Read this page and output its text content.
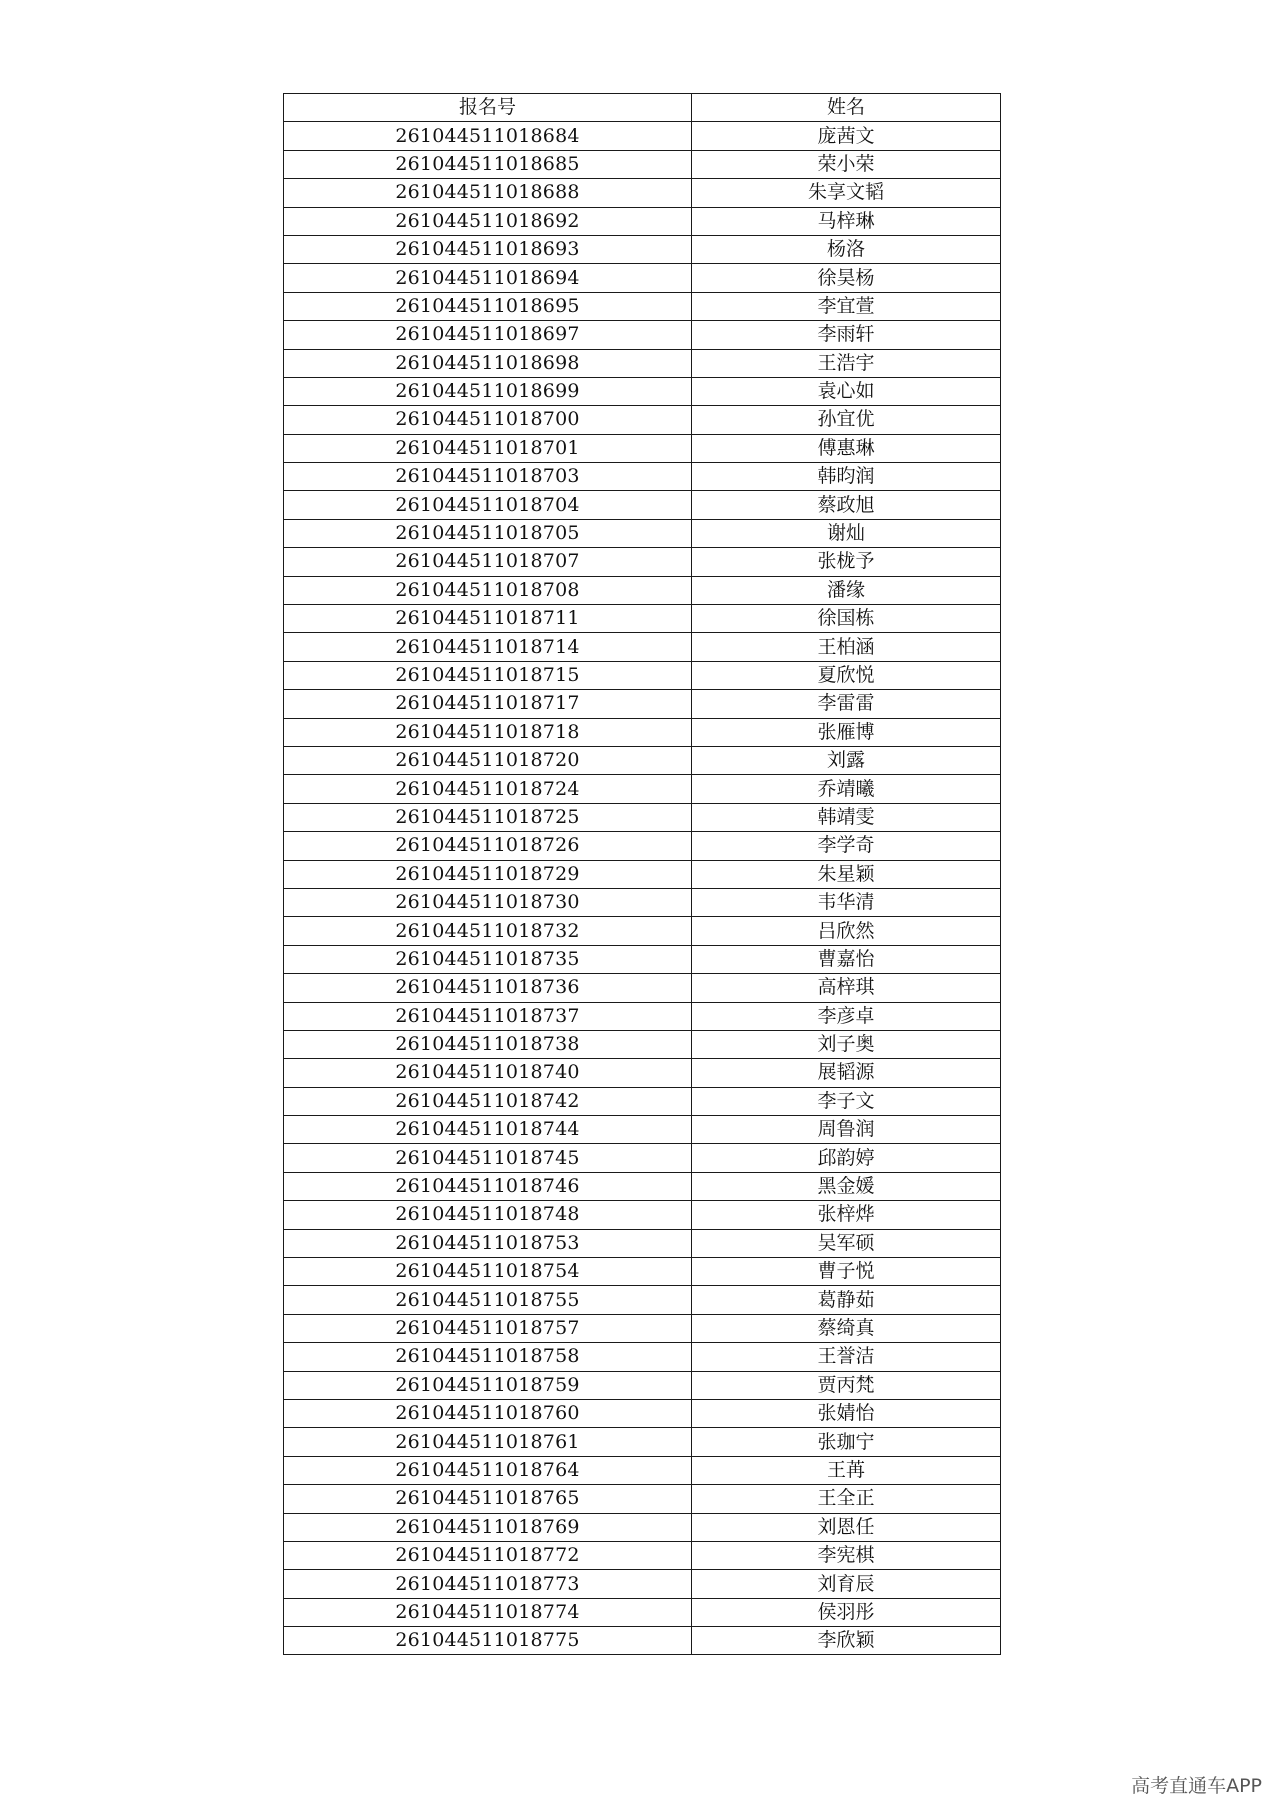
报名号	姓名
261044511018684	庞茜文
261044511018685	荣小荣
261044511018688	朱享文韬
261044511018692	马梓琳
261044511018693	杨洛
261044511018694	徐昊杨
261044511018695	李宜萱
261044511018697	李雨轩
261044511018698	王浩宇
261044511018699	袁心如
261044511018700	孙宜优
261044511018701	傅惠琳
261044511018703	韩昀润
261044511018704	蔡政旭
261044511018705	谢灿
261044511018707	张栊予
261044511018708	潘缘
261044511018711	徐国栋
261044511018714	王柏涵
261044511018715	夏欣悦
261044511018717	李雷雷
261044511018718	张雁博
261044511018720	刘露
261044511018724	乔靖曦
261044511018725	韩靖雯
261044511018726	李学奇
261044511018729	朱星颖
261044511018730	韦华清
261044511018732	吕欣然
261044511018735	曹嘉怡
261044511018736	高梓琪
261044511018737	李彦卓
261044511018738	刘子奥
261044511018740	展韬源
261044511018742	李子文
261044511018744	周鲁润
261044511018745	邱韵婷
261044511018746	黑金媛
261044511018748	张梓烨
261044511018753	吴军硕
261044511018754	曹子悦
261044511018755	葛静茹
261044511018757	蔡绮真
261044511018758	王誉洁
261044511018759	贾丙梵
261044511018760	张婧怡
261044511018761	张珈宁
261044511018764	王苒
261044511018765	王全正
261044511018769	刘恩任
261044511018772	李宪棋
261044511018773	刘育辰
261044511018774	侯羽彤
261044511018775	李欣颖
高考直通车APP
